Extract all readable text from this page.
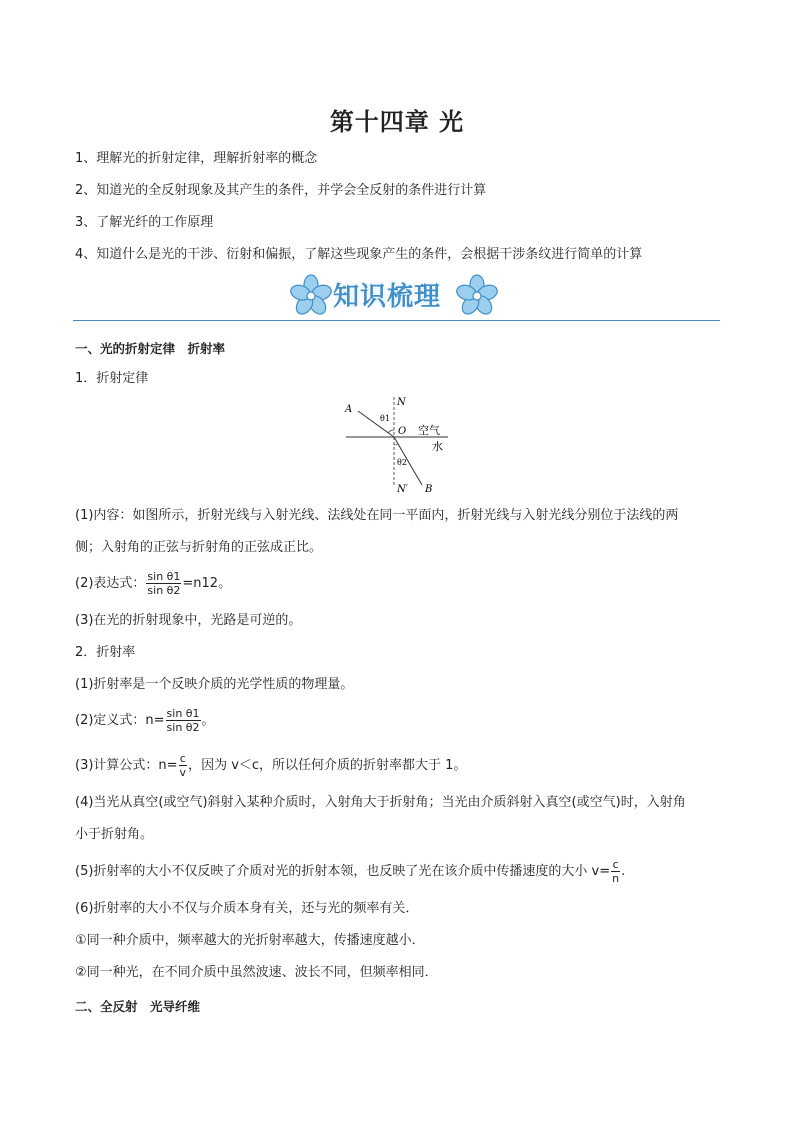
第十四章 光
1、理解光的折射定律，理解折射率的概念
2、知道光的全反射现象及其产生的条件，并学会全反射的条件进行计算
3、了解光纤的工作原理
4、知道什么是光的干涉、衍射和偏振，了解这些现象产生的条件，会根据干涉条纹进行简单的计算
知识梳理
一、光的折射定律　折射率
1．折射定律
A
N
θ1
O 空气
水
θ2
N′ B
(1)内容：如图所示，折射光线与入射光线、法线处在同一平面内，折射光线与入射光线分别位于法线的两
侧；入射角的正弦与折射角的正弦成正比。
(2)表达式： $\frac{\text{sin θ1}}{\text{sin θ2}} =n12$。
(3)在光的折射现象中，光路是可逆的。
2．折射率
(1)折射率是一个反映介质的光学性质的物理量。
(2)定义式：$n= \frac{\text{sin θ1}}{\text{sin θ2}}$ 。
(3)计算公式：$n= \frac{c}{v}$ ，因为 v＜c，所以任何介质的折射率都大于 1。
(4)当光从真空(或空气)斜射入某种介质时，入射角大于折射角；当光由介质斜射入真空(或空气)时，入射角
小于折射角。
(5)折射率的大小不仅反映了介质对光的折射本领，也反映了光在该介质中传播速度的大小 $v= \frac{c}{n}$ .
(6)折射率的大小不仅与介质本身有关，还与光的频率有关．
①同一种介质中，频率越大的光折射率越大，传播速度越小．
②同一种光，在不同介质中虽然波速、波长不同，但频率相同．
二、全反射　光导纤维
